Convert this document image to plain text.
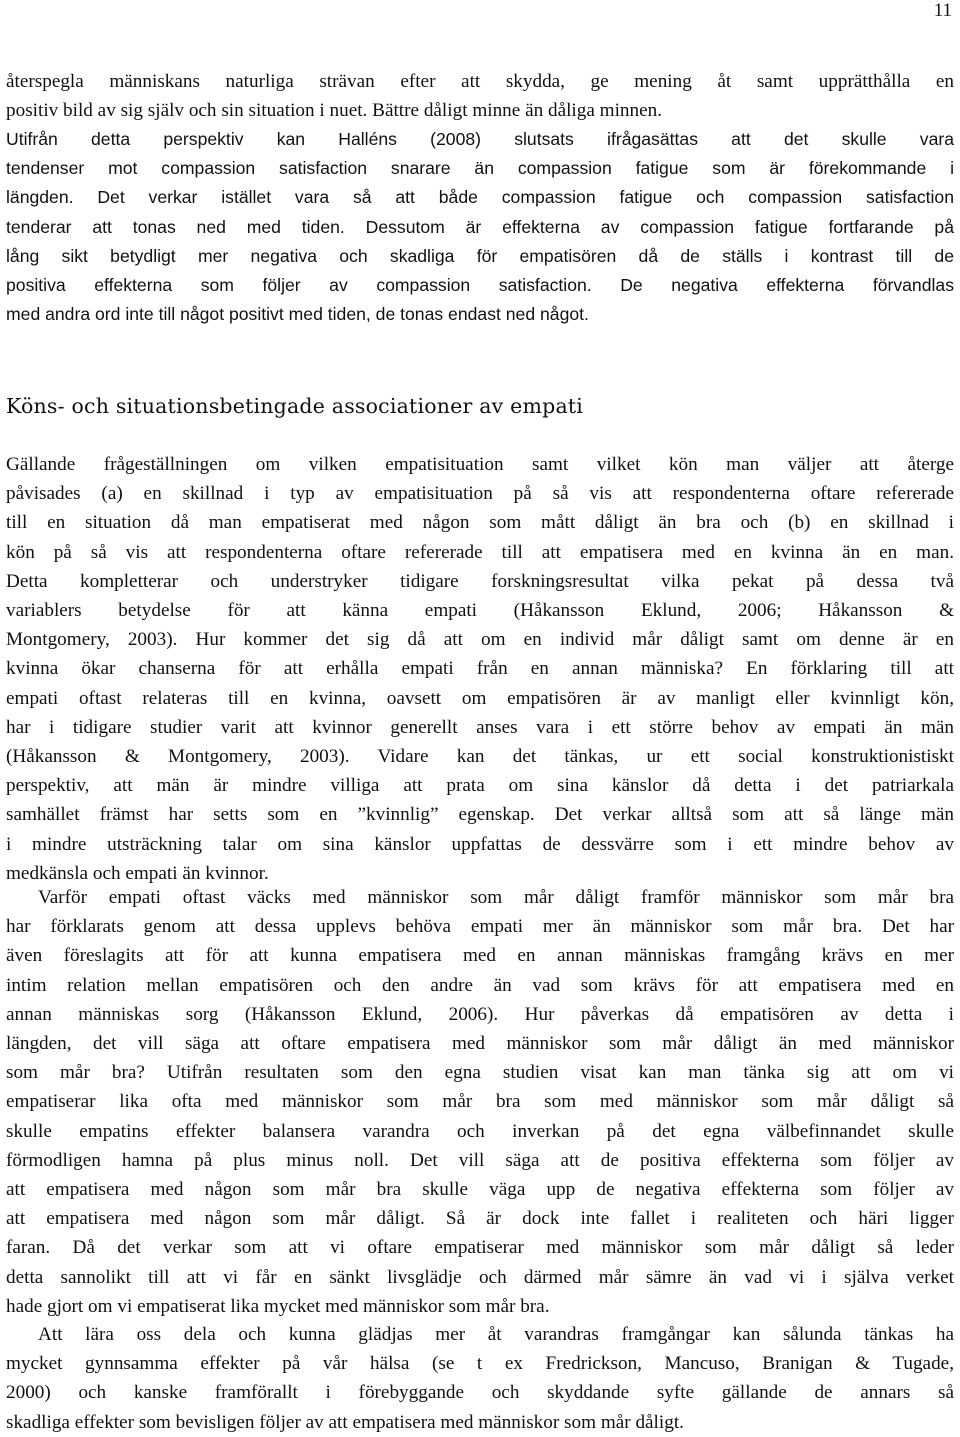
11
återspegla människans naturliga strävan efter att skydda, ge mening åt samt upprätthålla en
positiv bild av sig själv och sin situation i nuet. Bättre dåligt minne än dåliga minnen.
Utifrån detta perspektiv kan Halléns (2008) slutsats ifrågasättas att det skulle vara
tendenser mot compassion satisfaction snarare än compassion fatigue som är förekommande i
längden. Det verkar istället vara så att både compassion fatigue och compassion satisfaction
tenderar att tonas ned med tiden. Dessutom är effekterna av compassion fatigue fortfarande på
lång sikt betydligt mer negativa och skadliga för empatisören då de ställs i kontrast till de
positiva effekterna som följer av compassion satisfaction. De negativa effekterna förvandlas
med andra ord inte till något positivt med tiden, de tonas endast ned något.
Köns- och situationsbetingade associationer av empati
Gällande frågeställningen om vilken empatisituation samt vilket kön man väljer att återge
påvisades (a) en skillnad i typ av empatisituation på så vis att respondenterna oftare refererade
till en situation då man empatiserat med någon som mått dåligt än bra och (b) en skillnad i
kön på så vis att respondenterna oftare refererade till att empatisera med en kvinna än en man.
Detta kompletterar och understryker tidigare forskningsresultat vilka pekat på dessa två
variablers betydelse för att känna empati (Håkansson Eklund, 2006; Håkansson &
Montgomery, 2003). Hur kommer det sig då att om en individ mår dåligt samt om denne är en
kvinna ökar chanserna för att erhålla empati från en annan människa? En förklaring till att
empati oftast relateras till en kvinna, oavsett om empatisören är av manligt eller kvinnligt kön,
har i tidigare studier varit att kvinnor generellt anses vara i ett större behov av empati än män
(Håkansson & Montgomery, 2003). Vidare kan det tänkas, ur ett social konstruktionistiskt
perspektiv, att män är mindre villiga att prata om sina känslor då detta i det patriarkala
samhället främst har setts som en ”kvinnlig” egenskap. Det verkar alltså som att så länge män
i mindre utsträckning talar om sina känslor uppfattas de dessvärre som i ett mindre behov av
medkänsla och empati än kvinnor.
Varför empati oftast väcks med människor som mår dåligt framför människor som mår bra
har förklarats genom att dessa upplevs behöva empati mer än människor som mår bra. Det har
även föreslagits att för att kunna empatisera med en annan människas framgång krävs en mer
intim relation mellan empatisören och den andre än vad som krävs för att empatisera med en
annan människas sorg (Håkansson Eklund, 2006). Hur påverkas då empatisören av detta i
längden, det vill säga att oftare empatisera med människor som mår dåligt än med människor
som mår bra? Utifrån resultaten som den egna studien visat kan man tänka sig att om vi
empatiserar lika ofta med människor som mår bra som med människor som mår dåligt så
skulle empatins effekter balansera varandra och inverkan på det egna välbefinnandet skulle
förmodligen hamna på plus minus noll. Det vill säga att de positiva effekterna som följer av
att empatisera med någon som mår bra skulle väga upp de negativa effekterna som följer av
att empatisera med någon som mår dåligt. Så är dock inte fallet i realiteten och häri ligger
faran. Då det verkar som att vi oftare empatiserar med människor som mår dåligt så leder
detta sannolikt till att vi får en sänkt livsglädje och därmed mår sämre än vad vi i själva verket
hade gjort om vi empatiserat lika mycket med människor som mår bra.
Att lära oss dela och kunna glädjas mer åt varandras framgångar kan sålunda tänkas ha
mycket gynnsamma effekter på vår hälsa (se t ex Fredrickson, Mancuso, Branigan & Tugade,
2000) och kanske framförallt i förebyggande och skyddande syfte gällande de annars så
skadliga effekter som bevisligen följer av att empatisera med människor som mår dåligt.
